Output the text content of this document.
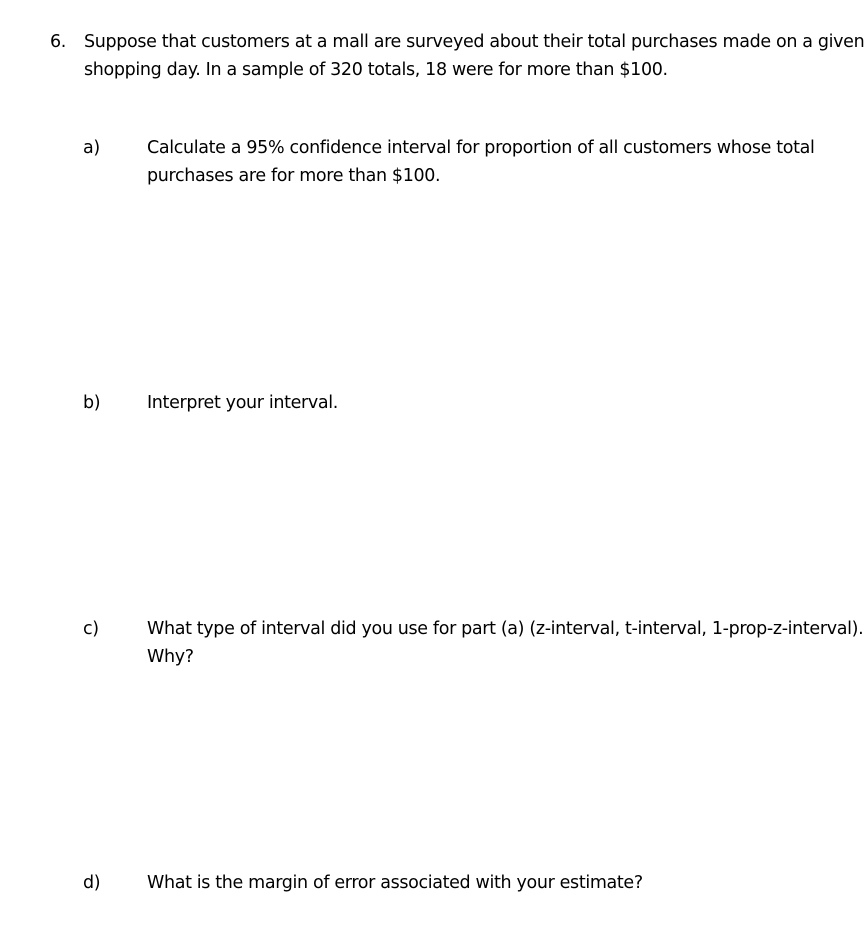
6. Suppose that customers at a mall are surveyed about their total purchases made on a given
shopping day. In a sample of 320 totals, 18 were for more than $100.
a)	Calculate a 95% confidence interval for proportion of all customers whose total
purchases are for more than $100.
b)	Interpret your interval.
c)	What type of interval did you use for part (a) (z-interval, t-interval, 1-prop-z-interval).
Why?
d)	What is the margin of error associated with your estimate?
